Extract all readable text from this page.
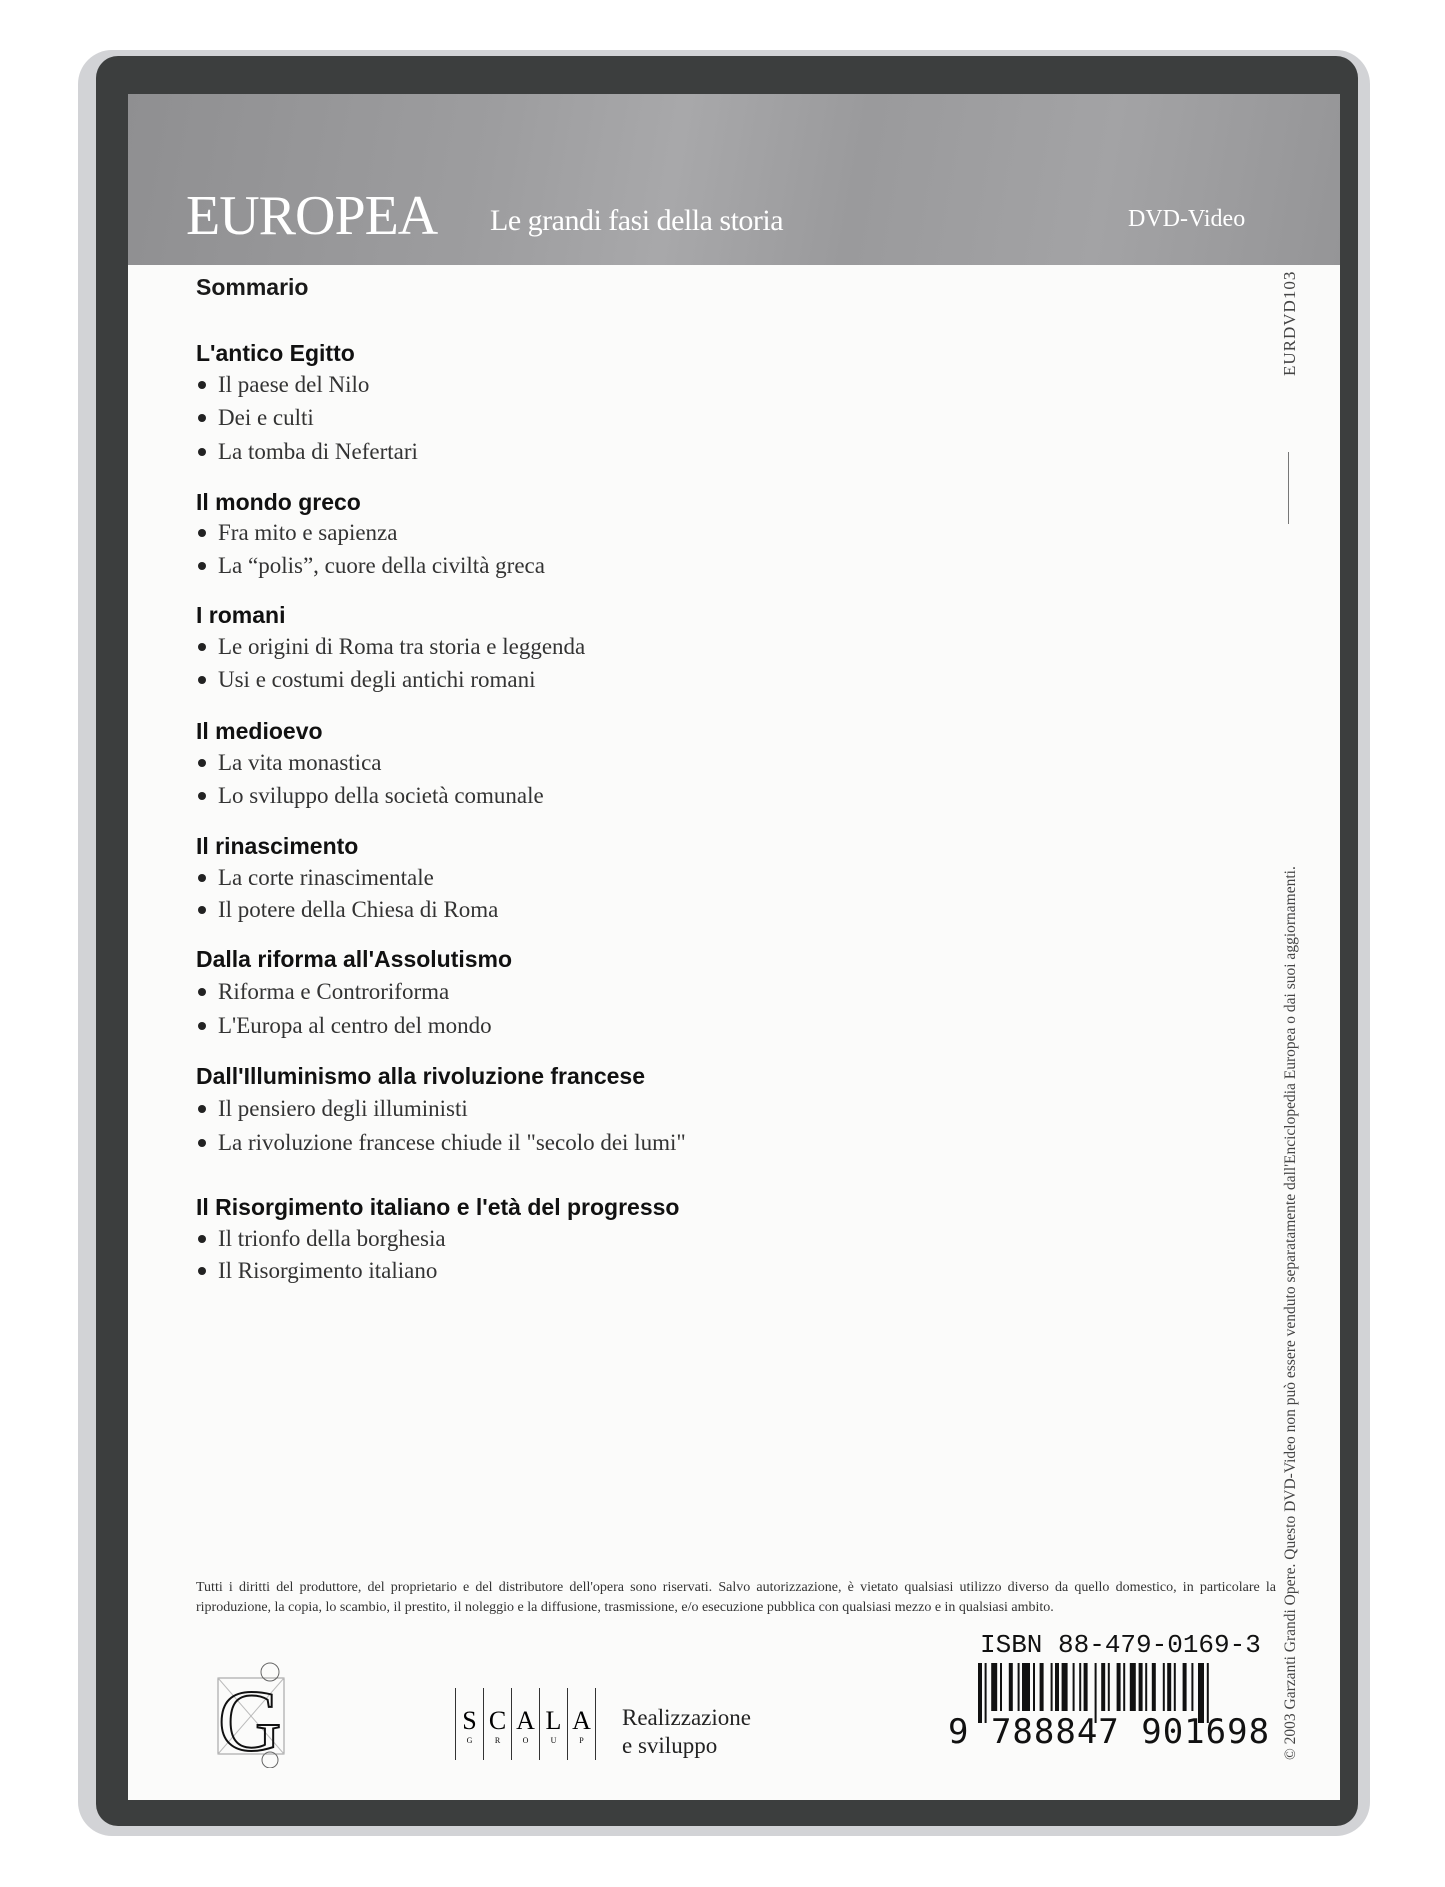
EUROPEA Le grandi fasi della storia	DVD-Video
Sommario
L'antico Egitto
Il paese del Nilo
Dei e culti
La tomba di Nefertari
Il mondo greco
Fra mito e sapienza
La “polis”, cuore della civiltà greca
I romani
Le origini di Roma tra storia e leggenda
Usi e costumi degli antichi romani
Il medioevo
La vita monastica
Lo sviluppo della società comunale
Il rinascimento
La corte rinascimentale
Il potere della Chiesa di Roma
Dalla riforma all'Assolutismo
Riforma e Controriforma
L'Europa al centro del mondo
Dall'Illuminismo alla rivoluzione francese
Il pensiero degli illuministi
La rivoluzione francese chiude il "secolo dei lumi"
Il Risorgimento italiano e l'età del progresso
Il trionfo della borghesia
Il Risorgimento italiano
EURDVD103
© 2003 Garzanti Grandi Opere. Questo DVD-Video non può essere venduto separatamente dall'Enciclopedia Europea o dai suoi aggiornamenti.
Tutti i diritti del produttore, del proprietario e del distributore dell'opera sono riservati. Salvo autorizzazione, è vietato qualsiasi utilizzo diverso da quello domestico, in particolare la riproduzione, la copia, lo scambio, il prestito, il noleggio e la diffusione, trasmissione, e/o esecuzione pubblica con qualsiasi mezzo e in qualsiasi ambito.
G	S
G
C
R
A
O
L
U
A
P
Realizzazione
e sviluppo
ISBN 88-479-0169-3
9 788847 901698
